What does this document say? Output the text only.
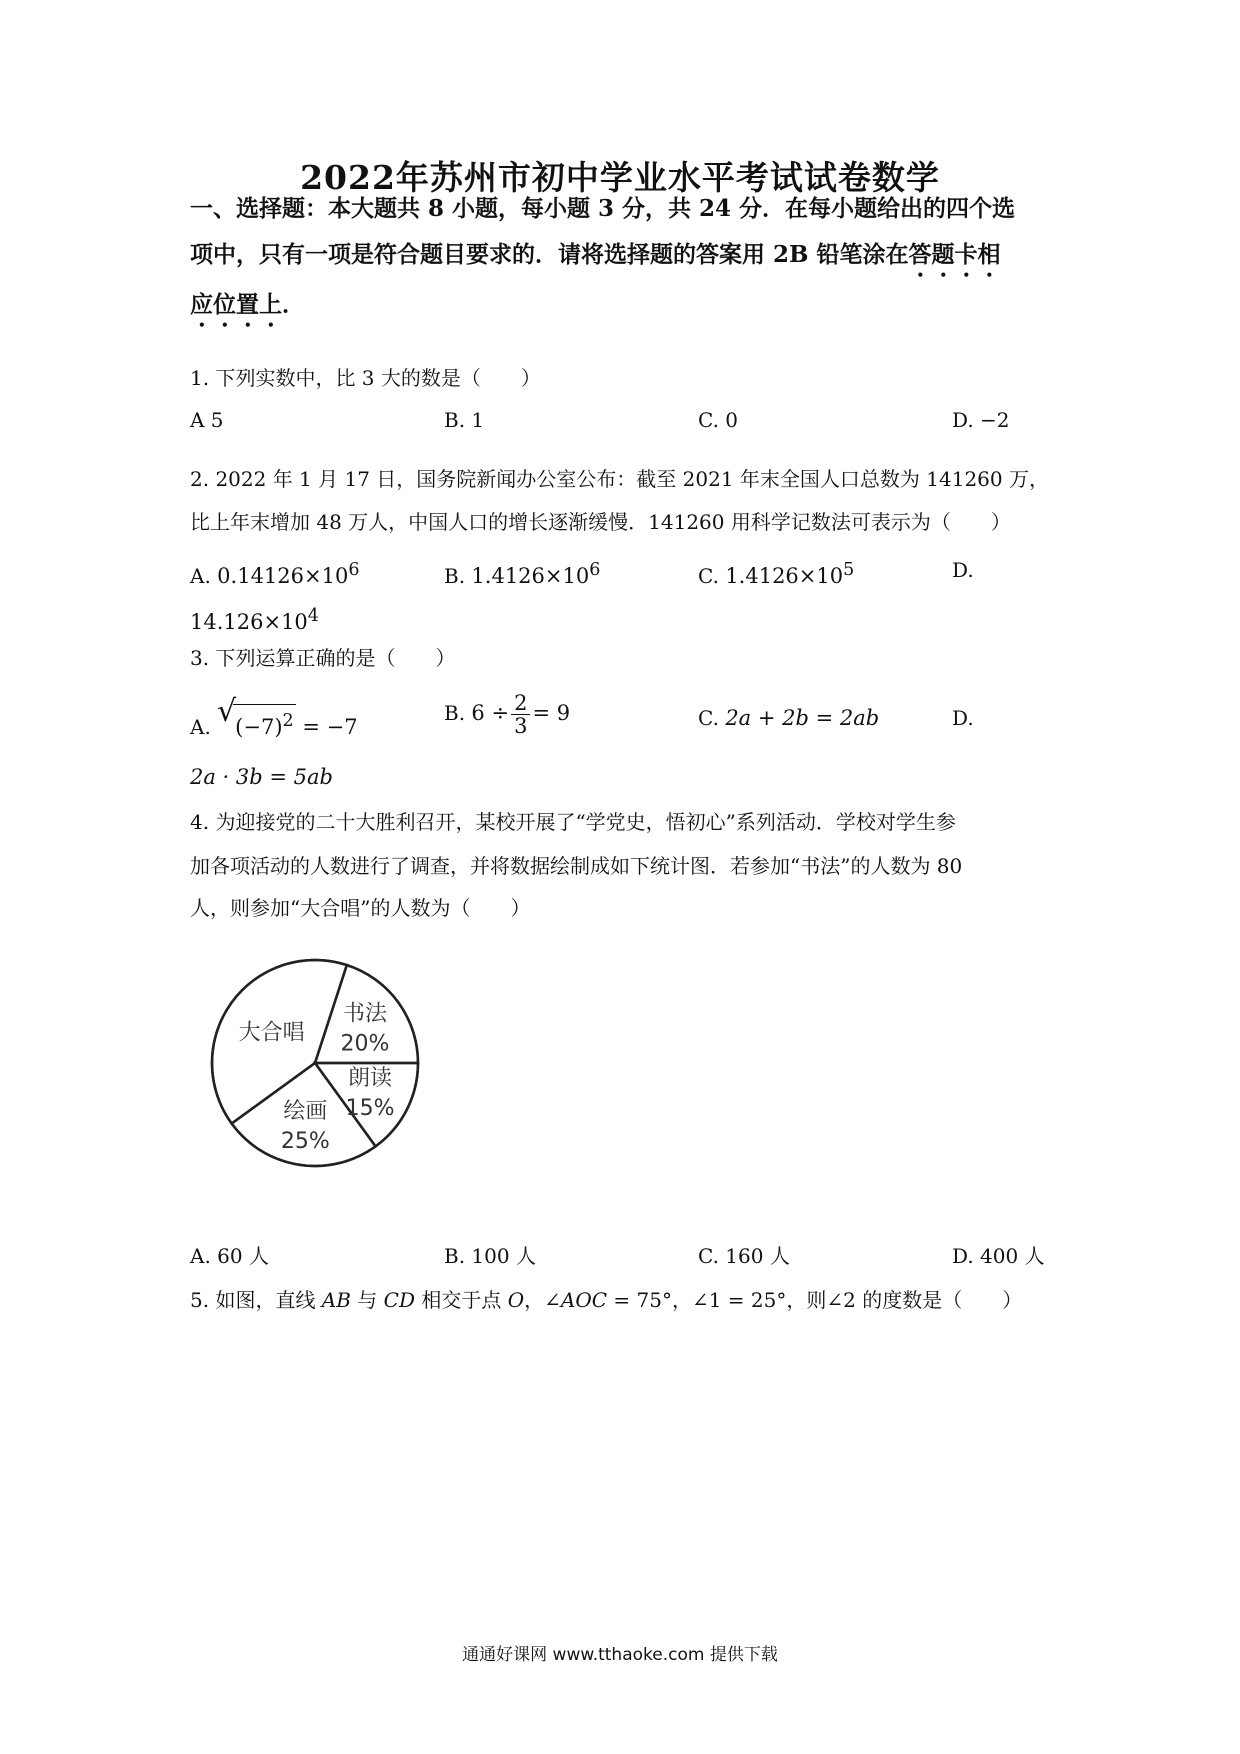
2022年苏州市初中学业水平考试试卷数学
一、选择题：本大题共 8 小题，每小题 3 分，共 24 分．在每小题给出的四个选
项中，只有一项是符合题目要求的．请将选择题的答案用 2B 铅笔涂在答题卡相
应位置上．
1. 下列实数中，比 3 大的数是（　　）
A 5	B. 1	C. 0	D. −2
2. 2022 年 1 月 17 日，国务院新闻办公室公布：截至 2021 年末全国人口总数为 141260 万，
比上年末增加 48 万人，中国人口的增长逐渐缓慢．141260 用科学记数法可表示为（　　）
A. $0.14126\times 10^6$	B. $1.4126\times 10^6$	C. $1.4126\times 10^5$	D.
$14.126\times 10^4$
3. 下列运算正确的是（　　）
A. √
$(-7)^2 = -7$
B. $6 \div \frac{2}{3} = 9$	C. 2a + 2b = 2ab	D.
2a · 3b = 5ab
4. 为迎接党的二十大胜利召开，某校开展了“学党史，悟初心”系列活动．学校对学生参
加各项活动的人数进行了调查，并将数据绘制成如下统计图．若参加“书法”的人数为 80
人，则参加“大合唱”的人数为（　　）
书法
20%
朗读
15%
绘画
25%
大合唱
A. 60 人	B. 100 人	C. 160 人	D. 400 人
5. 如图，直线 AB 与 CD 相交于点 O，∠AOC = 75°，∠1 = 25°，则∠2 的度数是（　　）
通通好课网 www.tthaoke.com 提供下载
